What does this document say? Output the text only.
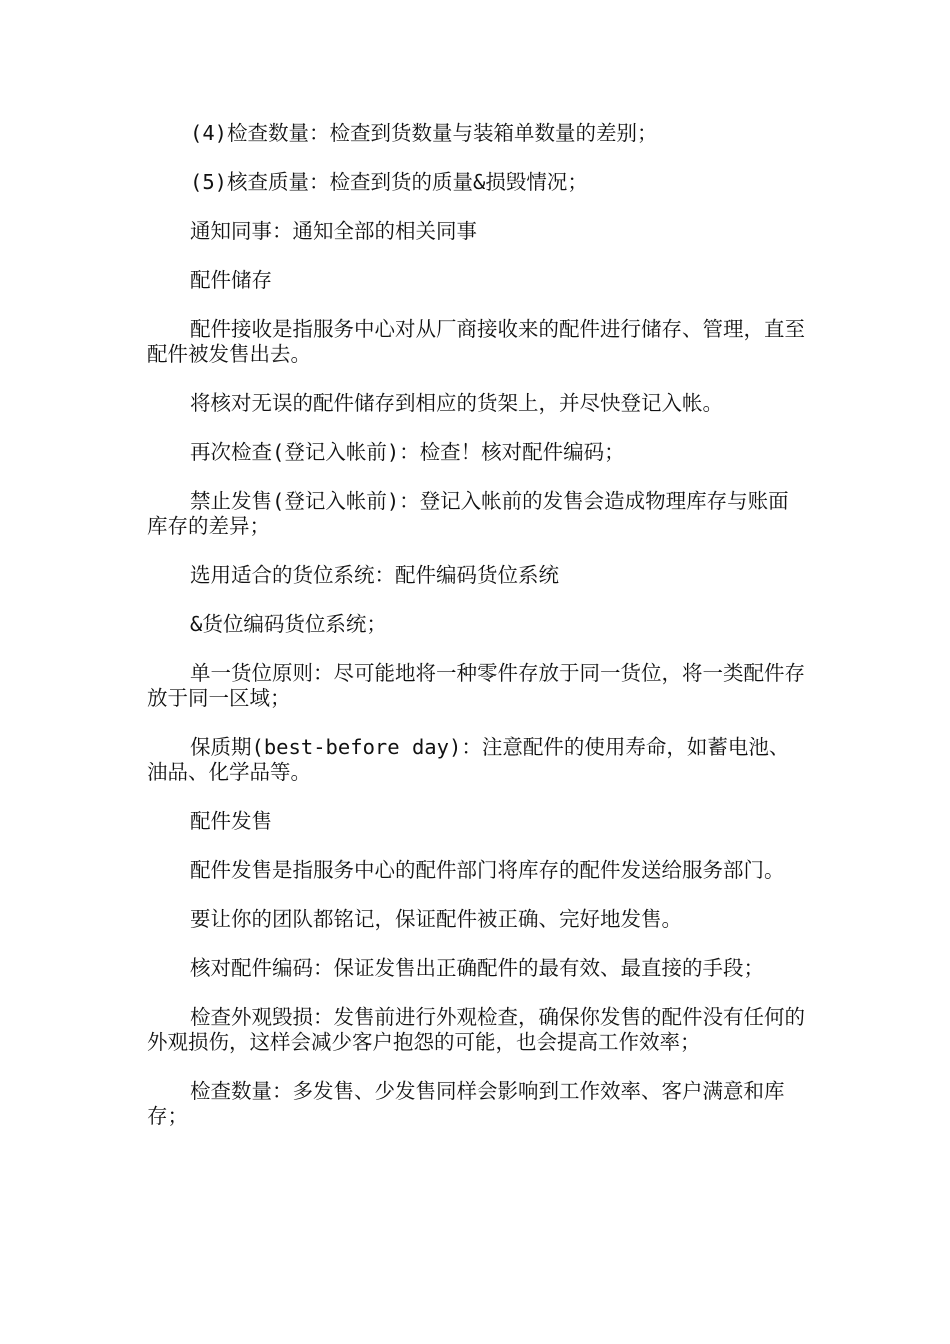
(4)检查数量：检查到货数量与装箱单数量的差别；

(5)核查质量：检查到货的质量&损毁情况；

通知同事：通知全部的相关同事

配件储存

配件接收是指服务中心对从厂商接收来的配件进行储存、管理，直至配件被发售出去。

将核对无误的配件储存到相应的货架上，并尽快登记入帐。

再次检查(登记入帐前)：检查！核对配件编码；

禁止发售(登记入帐前)：登记入帐前的发售会造成物理库存与账面库存的差异；

选用适合的货位系统：配件编码货位系统

&货位编码货位系统；

单一货位原则：尽可能地将一种零件存放于同一货位，将一类配件存放于同一区域；

保质期(best-before day)：注意配件的使用寿命，如蓄电池、油品、化学品等。

配件发售

配件发售是指服务中心的配件部门将库存的配件发送给服务部门。

要让你的团队都铭记，保证配件被正确、完好地发售。

核对配件编码：保证发售出正确配件的最有效、最直接的手段；

检查外观毁损：发售前进行外观检查，确保你发售的配件没有任何的外观损伤，这样会减少客户抱怨的可能，也会提高工作效率；

检查数量：多发售、少发售同样会影响到工作效率、客户满意和库存；
